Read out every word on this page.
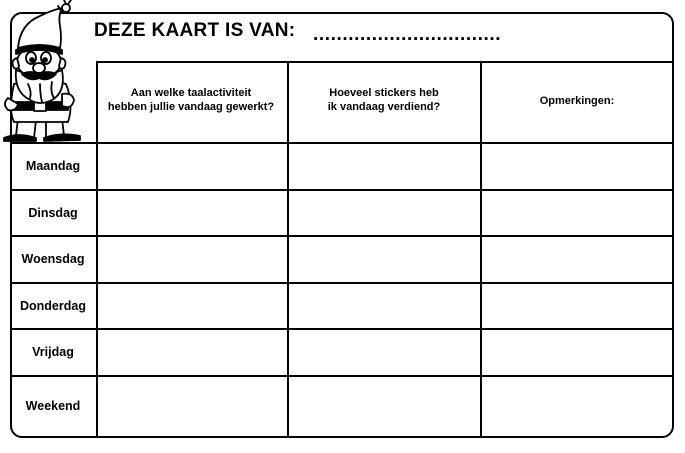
DEZE KAART IS VAN: ................................
Aan welke taalactiviteit
hebben jullie vandaag gewerkt?
Hoeveel stickers heb
ik vandaag verdiend?	Opmerkingen:
Maandag
Dinsdag
Woensdag
Donderdag
Vrijdag
Weekend
